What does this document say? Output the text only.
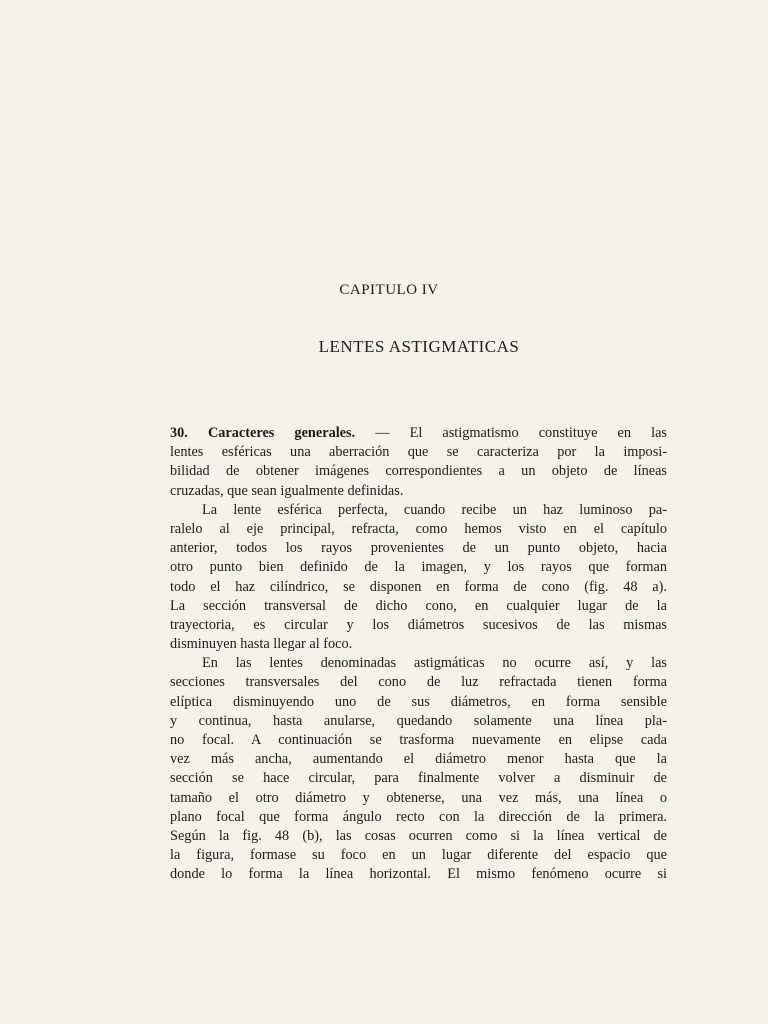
CAPITULO IV
LENTES ASTIGMATICAS
30. Caracteres generales. — El astigmatismo constituye en las
lentes esféricas una aberración que se caracteriza por la imposi-
bilidad de obtener imágenes correspondientes a un objeto de líneas
cruzadas, que sean igualmente definidas.
La lente esférica perfecta, cuando recibe un haz luminoso pa-
ralelo al eje principal, refracta, como hemos visto en el capítulo
anterior, todos los rayos provenientes de un punto objeto, hacia
otro punto bien definido de la imagen, y los rayos que forman
todo el haz cilíndrico, se disponen en forma de cono (fig. 48 a).
La sección transversal de dicho cono, en cualquier lugar de la
trayectoria, es circular y los diámetros sucesivos de las mismas
disminuyen hasta llegar al foco.
En las lentes denominadas astigmáticas no ocurre así, y las
secciones transversales del cono de luz refractada tienen forma
elíptica disminuyendo uno de sus diámetros, en forma sensible
y continua, hasta anularse, quedando solamente una línea pla-
no focal. A continuación se trasforma nuevamente en elipse cada
vez más ancha, aumentando el diámetro menor hasta que la
sección se hace circular, para finalmente volver a disminuir de
tamaño el otro diámetro y obtenerse, una vez más, una línea o
plano focal que forma ángulo recto con la dirección de la primera.
Según la fig. 48 (b), las cosas ocurren como si la línea vertical de
la figura, formase su foco en un lugar diferente del espacio que
donde lo forma la línea horizontal. El mismo fenómeno ocurre si
